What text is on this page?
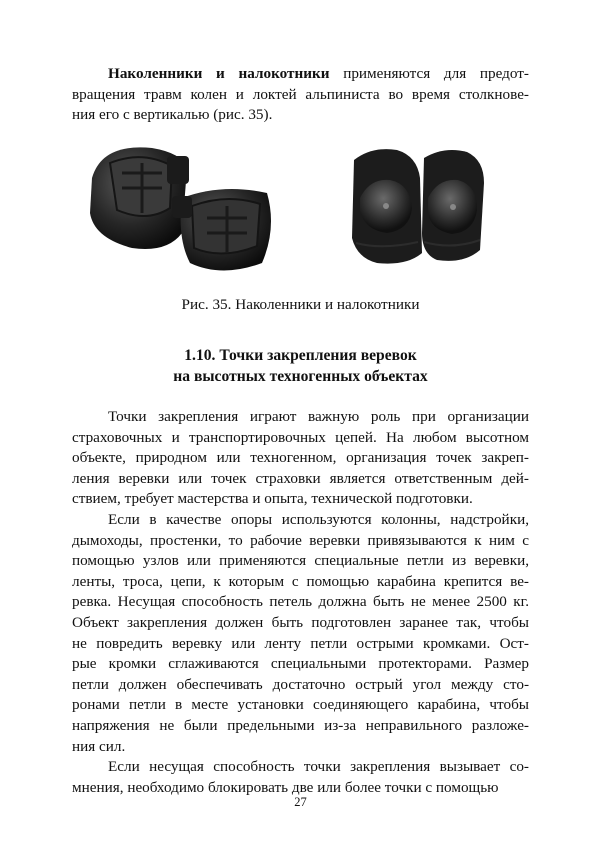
Наколенники и налокотники применяются для предот-
вращения травм колен и локтей альпиниста во время столкнове-
ния его с вертикалью (рис. 35).
Рис. 35. Наколенники и налокотники
1.10. Точки закрепления веревок
на высотных техногенных объектах
Точки закрепления играют важную роль при организации
страховочных и транспортировочных цепей. На любом высотном
объекте, природном или техногенном, организация точек закреп-
ления веревки или точек страховки является ответственным дей-
ствием, требует мастерства и опыта, технической подготовки.
Если в качестве опоры используются колонны, надстройки,
дымоходы, простенки, то рабочие веревки привязываются к ним с
помощью узлов или применяются специальные петли из веревки,
ленты, троса, цепи, к которым с помощью карабина крепится ве-
ревка. Несущая способность петель должна быть не менее 2500 кг.
Объект закрепления должен быть подготовлен заранее так, чтобы
не повредить веревку или ленту петли острыми кромками. Ост-
рые кромки сглаживаются специальными протекторами. Размер
петли должен обеспечивать достаточно острый угол между сто-
ронами петли в месте установки соединяющего карабина, чтобы
напряжения не были предельными из-за неправильного разложе-
ния сил.
Если несущая способность точки закрепления вызывает со-
мнения, необходимо блокировать две или более точки с помощью
27
